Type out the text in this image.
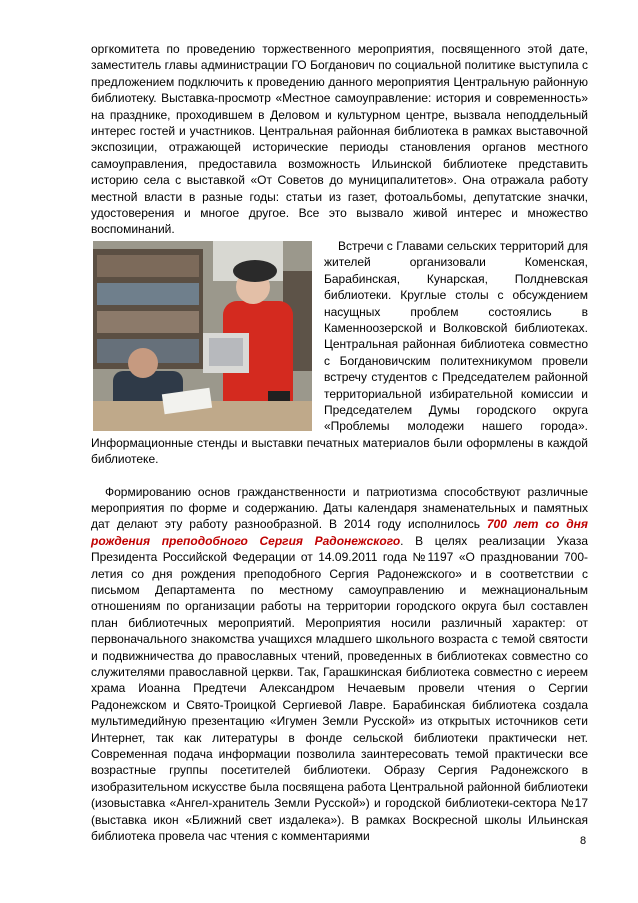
оргкомитета по проведению торжественного мероприятия, посвященного этой дате, заместитель главы администрации ГО Богданович по социальной политике выступила с предложением подключить к проведению данного мероприятия Центральную районную библиотеку. Выставка-просмотр «Местное самоуправление: история и современность» на празднике, проходившем в Деловом и культурном центре, вызвала неподдельный интерес гостей и участников. Центральная районная библиотека в рамках выставочной экспозиции, отражающей исторические периоды становления органов местного самоуправления, предоставила возможность Ильинской библиотеке представить историю села с выставкой «От Советов до муниципалитетов». Она отражала работу местной власти в разные годы: статьи из газет, фотоальбомы, депутатские значки, удостоверения и многое другое. Все это вызвало живой интерес и множество воспоминаний.

Встречи с Главами сельских территорий для жителей организовали Коменская, Барабинская, Кунарская, Полдневская библиотеки. Круглые столы с обсуждением насущных проблем состоялись в Каменноозерской и Волковской библиотеках. Центральная районная библиотека совместно с Богдановичским политехникумом провели встречу студентов с Председателем районной территориальной избирательной комиссии и Председателем Думы городского округа «Проблемы молодежи нашего города». Информационные стенды и выставки печатных материалов были оформлены в каждой библиотеке.

Формированию основ гражданственности и патриотизма способствуют различные мероприятия по форме и содержанию. Даты календаря знаменательных и памятных дат делают эту работу разнообразной. В 2014 году исполнилось 700 лет со дня рождения преподобного Сергия Радонежского. В целях реализации Указа Президента Российской Федерации от 14.09.2011 года №1197 «О праздновании 700-летия со дня рождения преподобного Сергия Радонежского» и в соответствии с письмом Департамента по местному самоуправлению и межнациональным отношениям по организации работы на территории городского округа был составлен план библиотечных мероприятий. Мероприятия носили различный характер: от первоначального знакомства учащихся младшего школьного возраста с темой святости и подвижничества до православных чтений, проведенных в библиотеках совместно со служителями православной церкви. Так, Гарашкинская библиотека совместно с иереем храма Иоанна Предтечи Александром Нечаевым провели чтения о Сергии Радонежском и Свято-Троицкой Сергиевой Лавре. Барабинская библиотека создала мультимедийную презентацию «Игумен Земли Русской» из открытых источников сети Интернет, так как литературы в фонде сельской библиотеки практически нет. Современная подача информации позволила заинтересовать темой практически все возрастные группы посетителей библиотеки. Образу Сергия Радонежского в изобразительном искусстве была посвящена работа Центральной районной библиотеки (изовыставка «Ангел-хранитель Земли Русской») и городской библиотеки-сектора №17 (выставка икон «Ближний свет издалека»). В рамках Воскресной школы Ильинская библиотека провела час чтения с комментариями	8
